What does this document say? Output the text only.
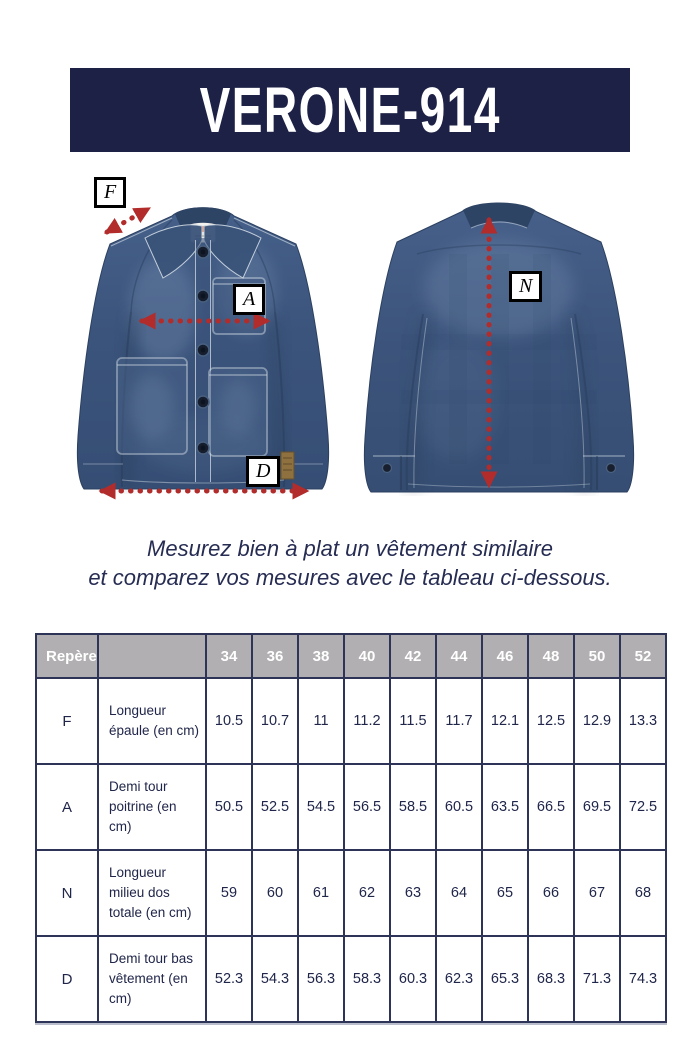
VERONE-914
F
A
D
N
Mesurez bien à plat un vêtement similaire
et comparez vos mesures avec le tableau ci-dessous.
Repère		34	36	38	40	42	44	46	48	50	52
F	Longueur épaule (en cm)	10.5	10.7	11	11.2	11.5	11.7	12.1	12.5	12.9	13.3
A	Demi tour poitrine (en cm)	50.5	52.5	54.5	56.5	58.5	60.5	63.5	66.5	69.5	72.5
N	Longueur milieu dos totale (en cm)	59	60	61	62	63	64	65	66	67	68
D	Demi tour bas vêtement (en cm)	52.3	54.3	56.3	58.3	60.3	62.3	65.3	68.3	71.3	74.3
